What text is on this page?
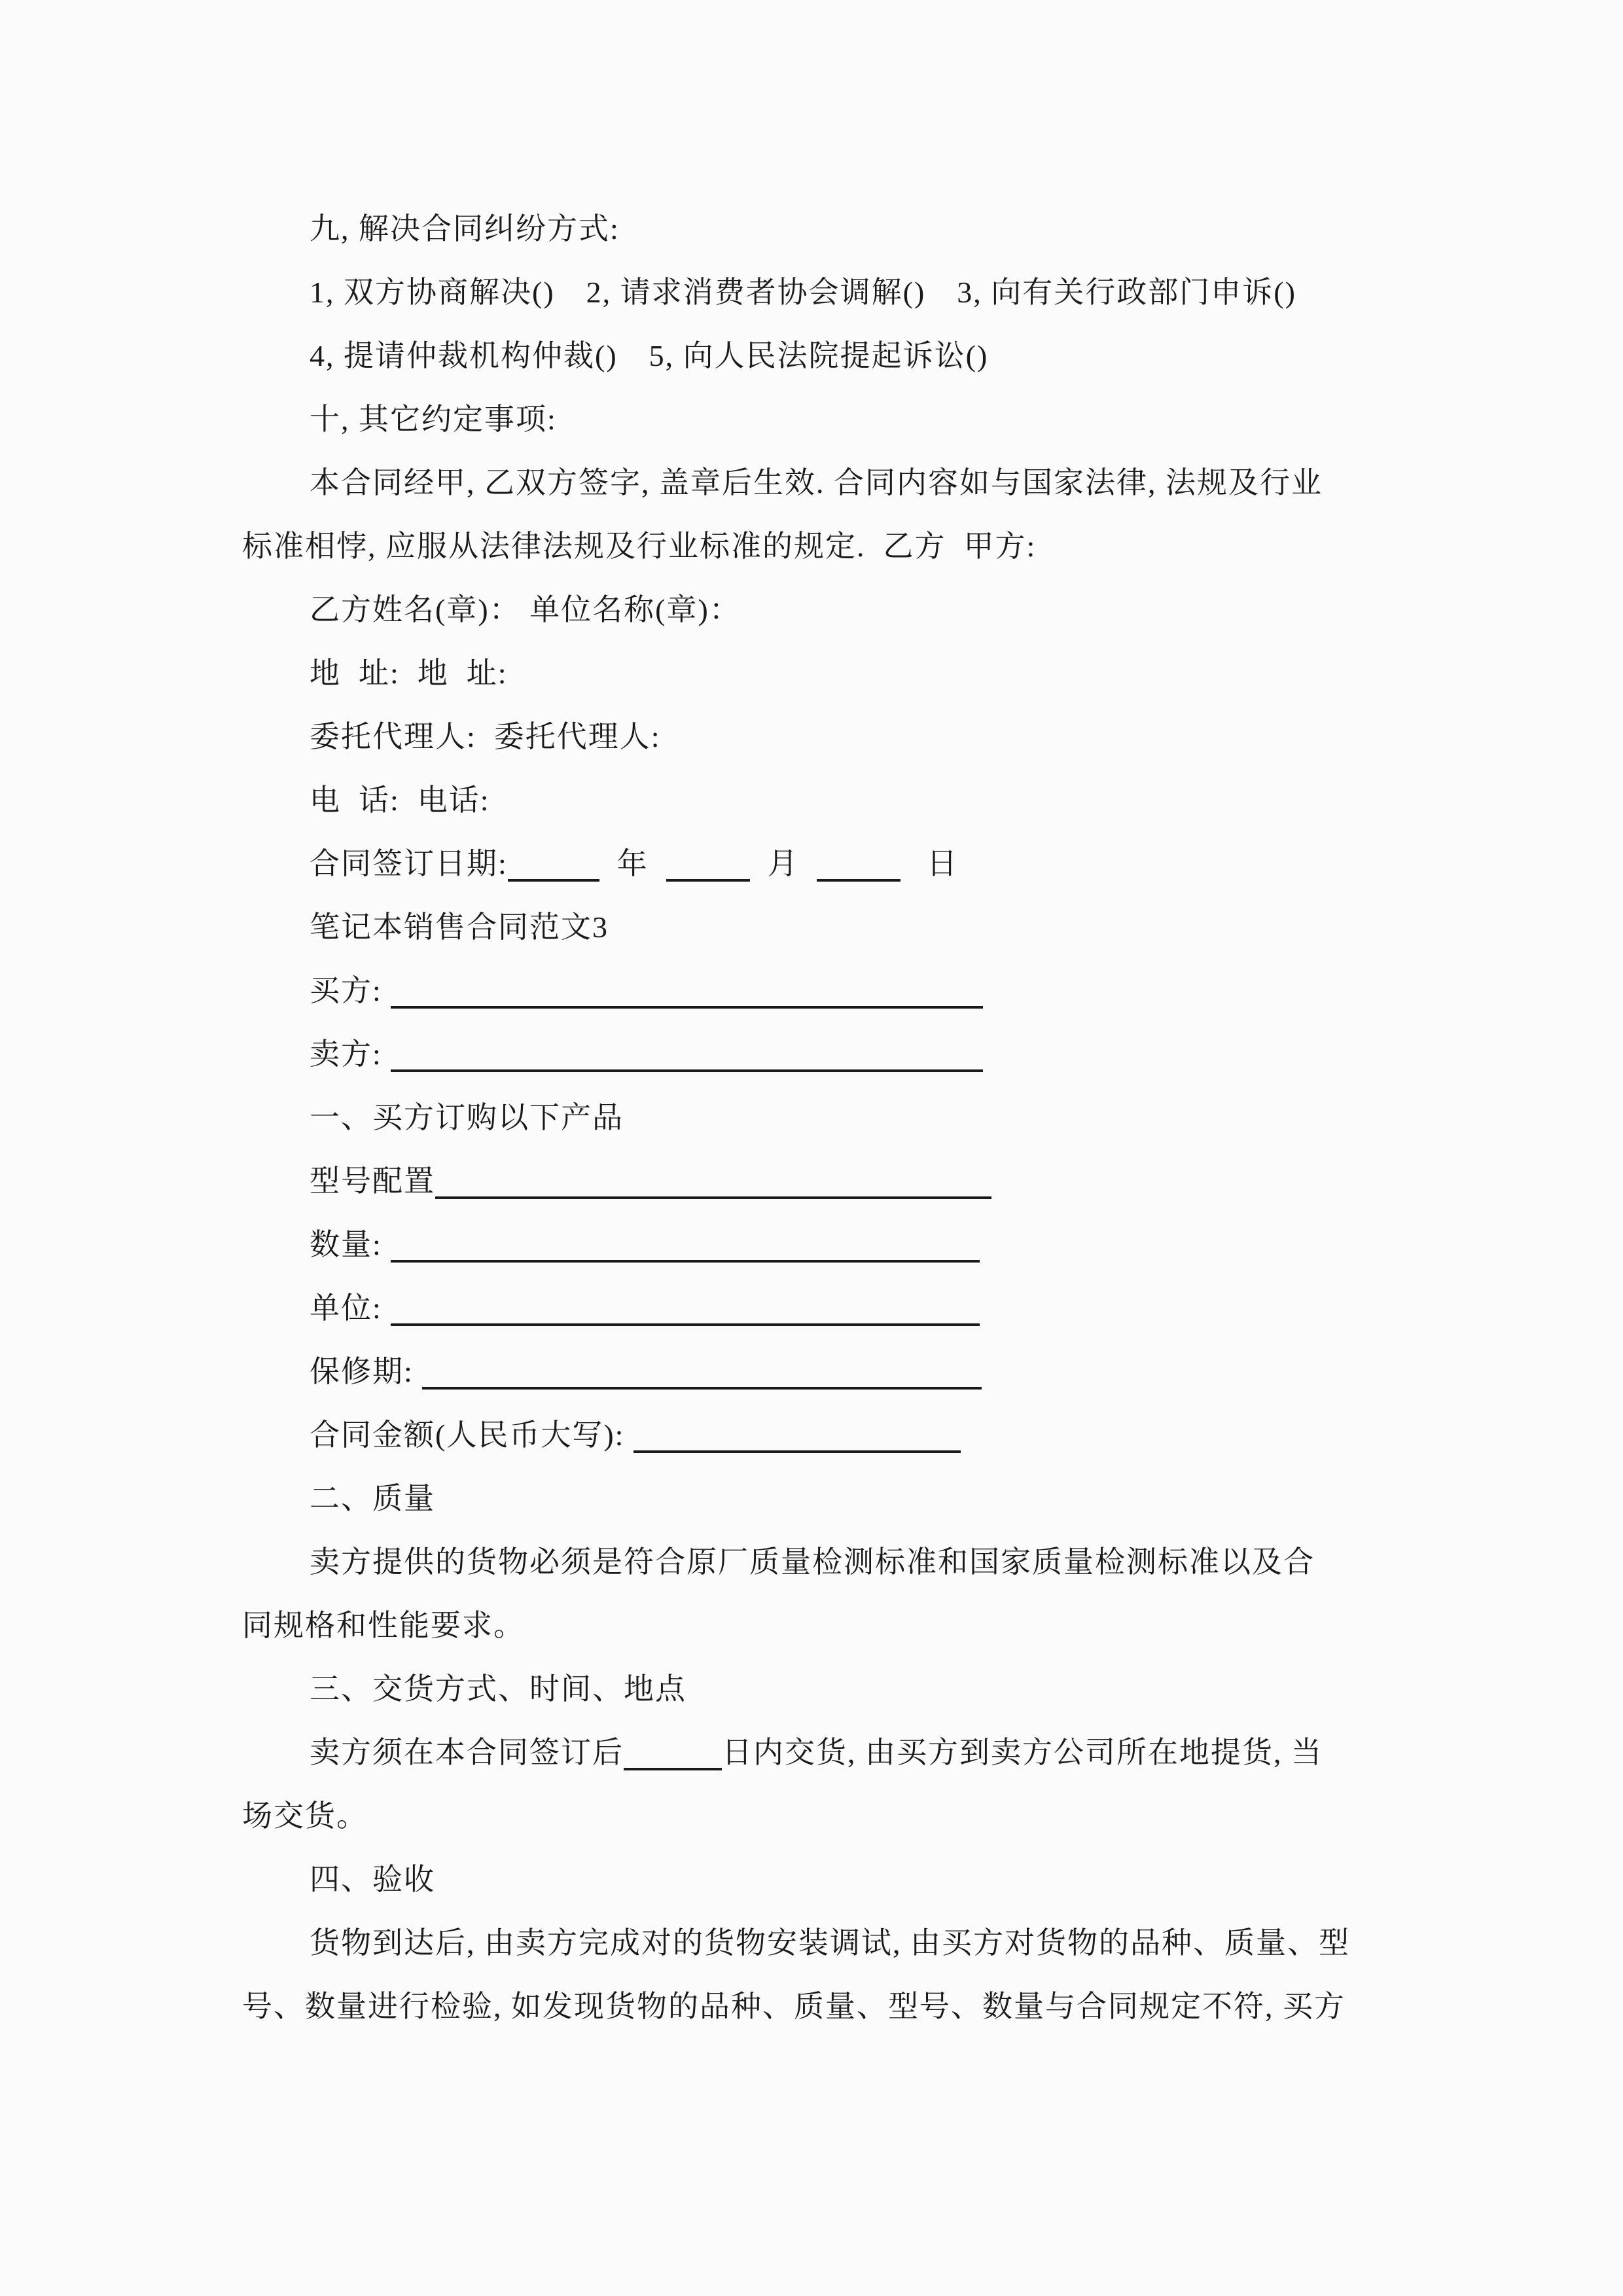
九, 解决合同纠纷方式:
1, 双方协商解决()　2, 请求消费者协会调解()　3, 向有关行政部门申诉()
4, 提请仲裁机构仲裁()　5, 向人民法院提起诉讼()
十, 其它约定事项:
本合同经甲, 乙双方签字, 盖章后生效. 合同内容如与国家法律, 法规及行业
标准相悖, 应服从法律法规及行业标准的规定.  乙方  甲方:
乙方姓名(章)： 单位名称(章)：
地  址:  地  址:
委托代理人:  委托代理人:
电  话:  电话:
合同签订日期:	年	月	日
笔记本销售合同范文3
买方:
卖方:
一、买方订购以下产品
型号配置
数量:
单位:
保修期:
合同金额(人民币大写):
二、质量
卖方提供的货物必须是符合原厂质量检测标准和国家质量检测标准以及合
同规格和性能要求。
三、交货方式、时间、地点
卖方须在本合同签订后	日内交货, 由买方到卖方公司所在地提货, 当
场交货。
四、验收
货物到达后, 由卖方完成对的货物安装调试, 由买方对货物的品种、质量、型
号、数量进行检验, 如发现货物的品种、质量、型号、数量与合同规定不符, 买方
